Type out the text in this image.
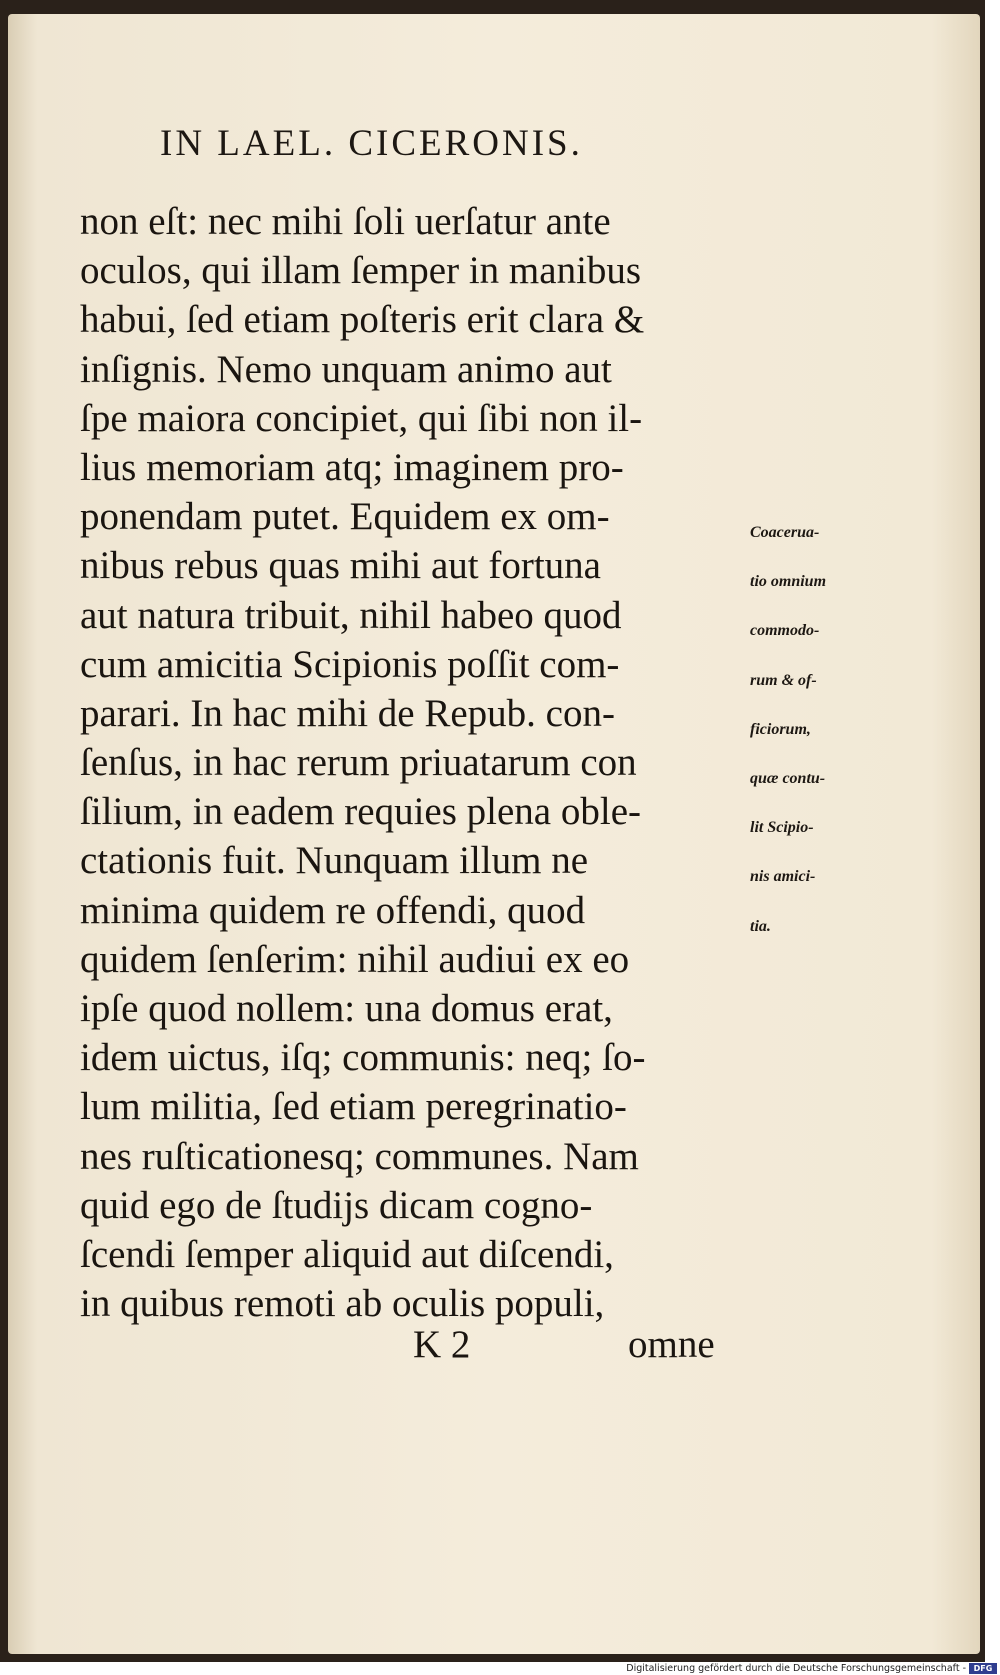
IN LAEL. CICERONIS.
non eſt: nec mihi ſoli uerſatur ante
oculos, qui illam ſemper in manibus
habui, ſed etiam poſteris erit clara &
inſignis. Nemo unquam animo aut
ſpe maiora concipiet, qui ſibi non il-
lius memoriam atq; imaginem pro-
ponendam putet. Equidem ex om-
nibus rebus quas mihi aut fortuna
aut natura tribuit, nihil habeo quod
cum amicitia Scipionis poſſit com-
parari. In hac mihi de Repub. con-
ſenſus, in hac rerum priuatarum con
ſilium, in eadem requies plena oble-
ctationis fuit. Nunquam illum ne
minima quidem re offendi, quod
quidem ſenſerim: nihil audiui ex eo
ipſe quod nollem: una domus erat,
idem uictus, iſq; communis: neq; ſo-
lum militia, ſed etiam peregrinatio-
nes ruſticationesq; communes. Nam
quid ego de ſtudijs dicam cogno-
ſcendi ſemper aliquid aut diſcendi,
in quibus remoti ab oculis populi,
Coaceruа-
tio omnium
commodo-
rum & of-
ficiorum,
quæ contu-
lit Scipio-
nis amici-
tia.
K 2	omne
Digitalisierung gefördert durch die Deutsche Forschungsgemeinschaft - DFG
